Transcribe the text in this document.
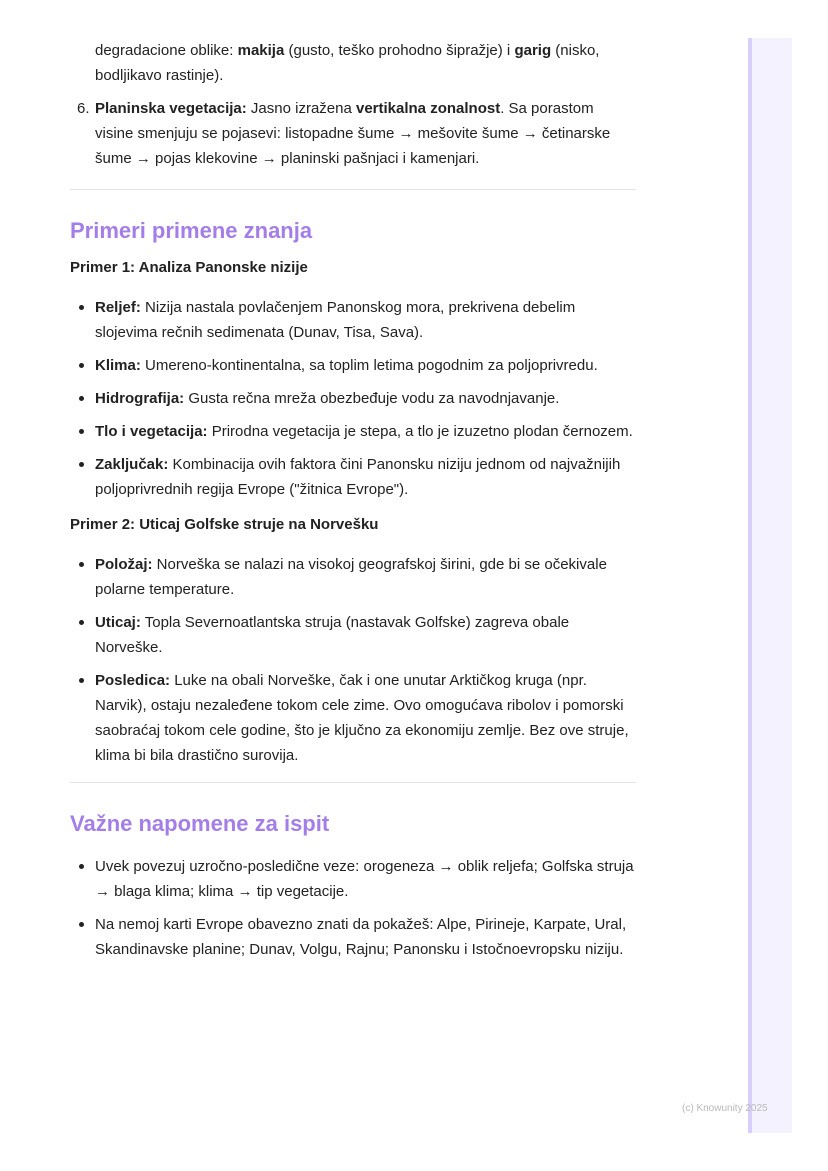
degradacione oblike: makija (gusto, teško prohodno šipražje) i garig (nisko, bodljikavo rastinje).
6. Planinska vegetacija: Jasno izražena vertikalna zonalnost. Sa porastom visine smenjuju se pojasevi: listopadne šume → mešovite šume → četinarske šume → pojas klekovine → planinski pašnjaci i kamenjari.
Primeri primene znanja
Primer 1: Analiza Panonske nizije
Reljef: Nizija nastala povlačenjem Panonskog mora, prekrivena debelim slojevima rečnih sedimenata (Dunav, Tisa, Sava).
Klima: Umereno-kontinentalna, sa toplim letima pogodnim za poljoprivredu.
Hidrografija: Gusta rečna mreža obezbeđuje vodu za navodnjavanje.
Tlo i vegetacija: Prirodna vegetacija je stepa, a tlo je izuzetno plodan černozem.
Zaključak: Kombinacija ovih faktora čini Panonsku niziju jednom od najvažnijih poljoprivrednih regija Evrope ("žitnica Evrope").
Primer 2: Uticaj Golfske struje na Norvešku
Položaj: Norveška se nalazi na visokoj geografskoj širini, gde bi se očekivale polarne temperature.
Uticaj: Topla Severnoatlantska struja (nastavak Golfske) zagreva obale Norveške.
Posledica: Luke na obali Norveške, čak i one unutar Arktičkog kruga (npr. Narvik), ostaju nezaleđene tokom cele zime. Ovo omogućava ribolov i pomorski saobraćaj tokom cele godine, što je ključno za ekonomiju zemlje. Bez ove struje, klima bi bila drastično surovija.
Važne napomene za ispit
Uvek povezuj uzročno-posledične veze: orogeneza → oblik reljefa; Golfska struja → blaga klima; klima → tip vegetacije.
Na nemoj karti Evrope obavezno znati da pokažeš: Alpe, Pirineje, Karpate, Ural, Skandinavske planine; Dunav, Volgu, Rajnu; Panonsku i Istočnoevropsku niziju.
(c) Knowunity 2025
